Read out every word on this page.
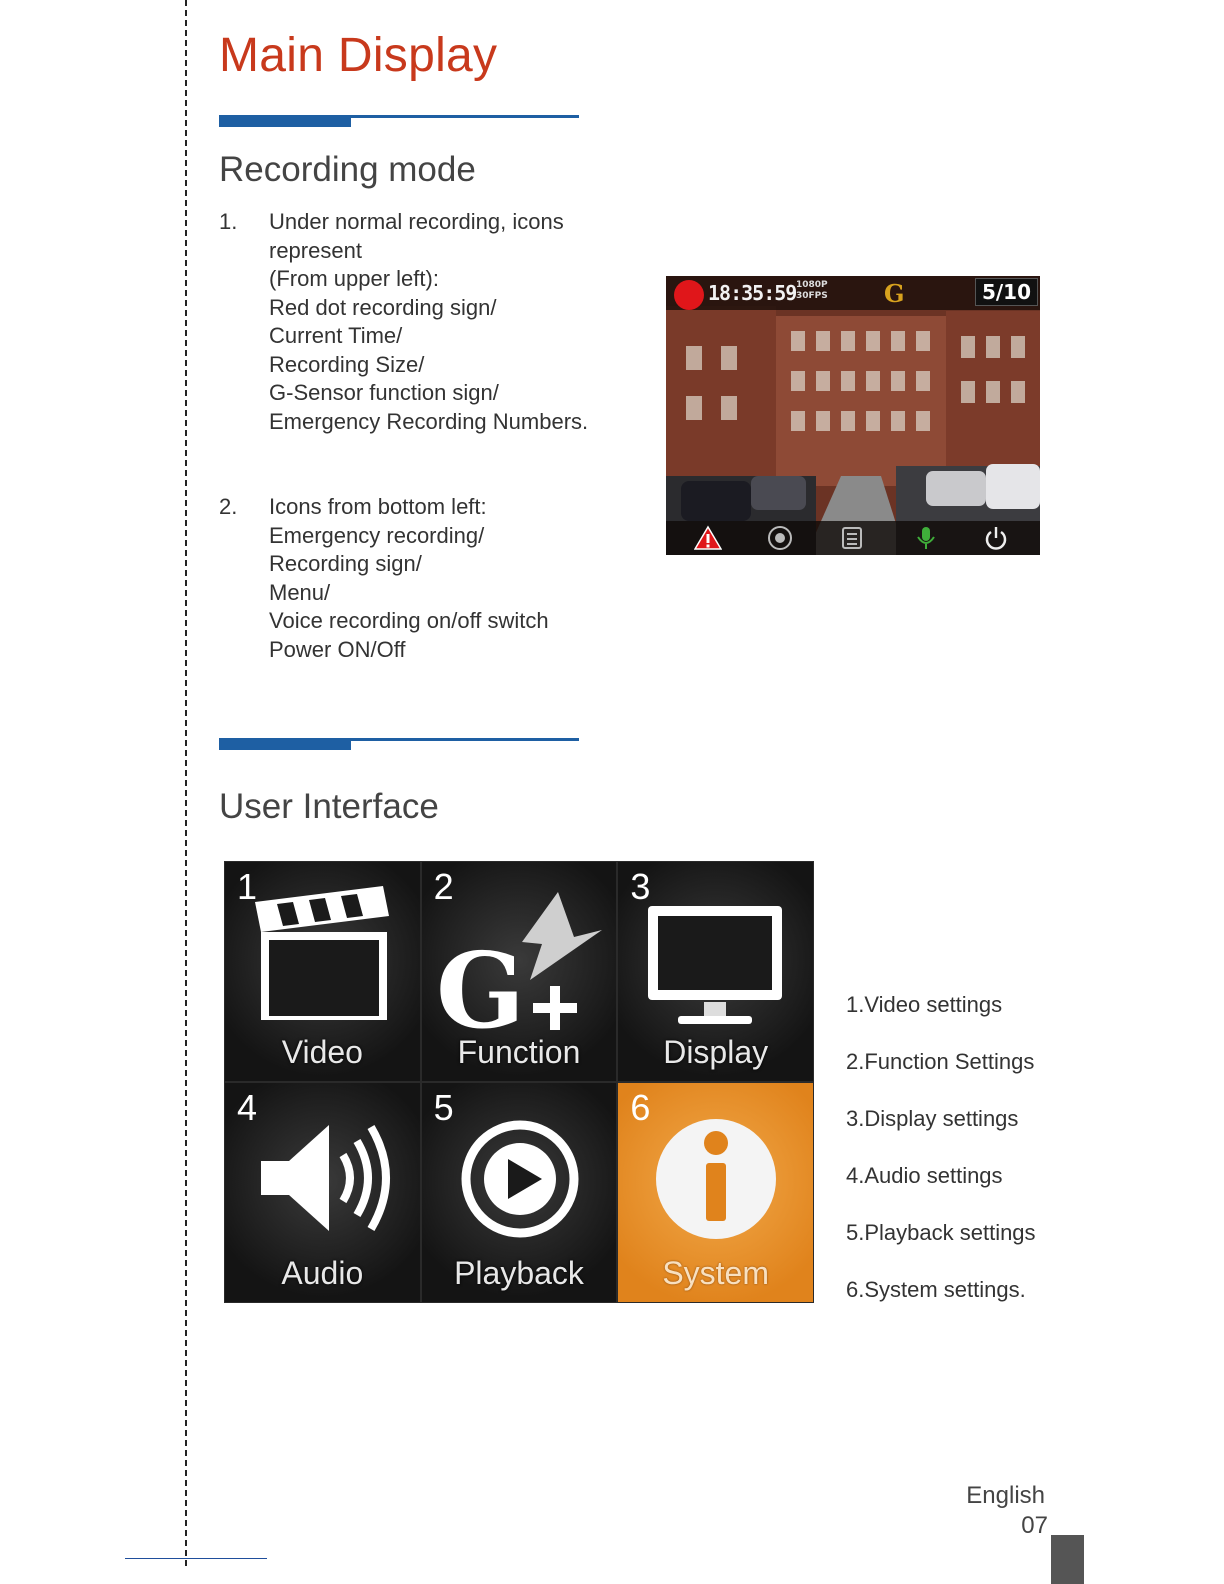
Main Display
Recording mode
1. Under normal recording, icons
represent
(From upper left):
Red dot recording sign/
Current Time/
Recording Size/
G-Sensor function sign/
Emergency Recording Numbers.
2. Icons from bottom left:
Emergency recording/
Recording sign/
Menu/
Voice recording on/off switch
Power ON/Off
18:35:59 1080P
30FPS G	5/10
User Interface
1
Video G
2
Function
3
Display
4
Audio
5
Playback
6
System
1.Video settings
2.Function Settings
3.Display settings
4.Audio settings
5.Playback settings
6.System settings.
English
07
